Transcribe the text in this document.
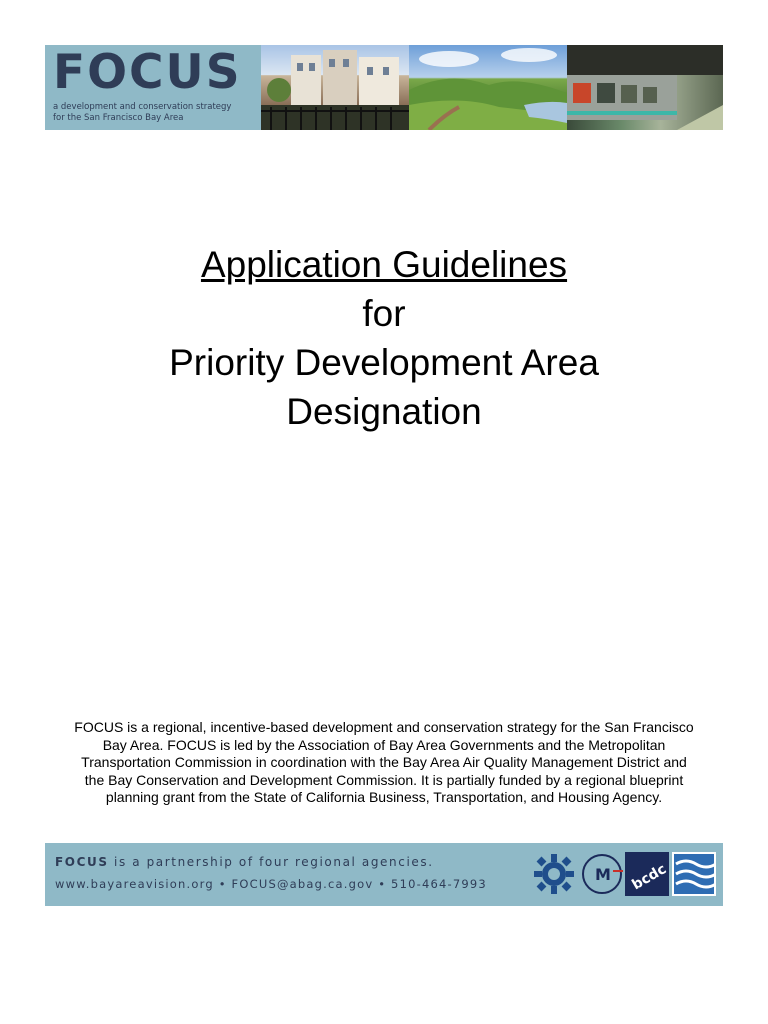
FOCUS
a development and conservation strategy
for the San Francisco Bay Area
Application Guidelines
for
Priority Development Area
Designation
FOCUS is a regional, incentive-based development and conservation strategy for the San Francisco Bay Area. FOCUS is led by the Association of Bay Area Governments and the Metropolitan Transportation Commission in coordination with the Bay Area Air Quality Management District and the Bay Conservation and Development Commission. It is partially funded by a regional blueprint planning grant from the State of California Business, Transportation, and Housing Agency.
FOCUS is a partnership of four regional agencies.
www.bayareavision.org • FOCUS@abag.ca.gov • 510-464-7993	M bcdc
